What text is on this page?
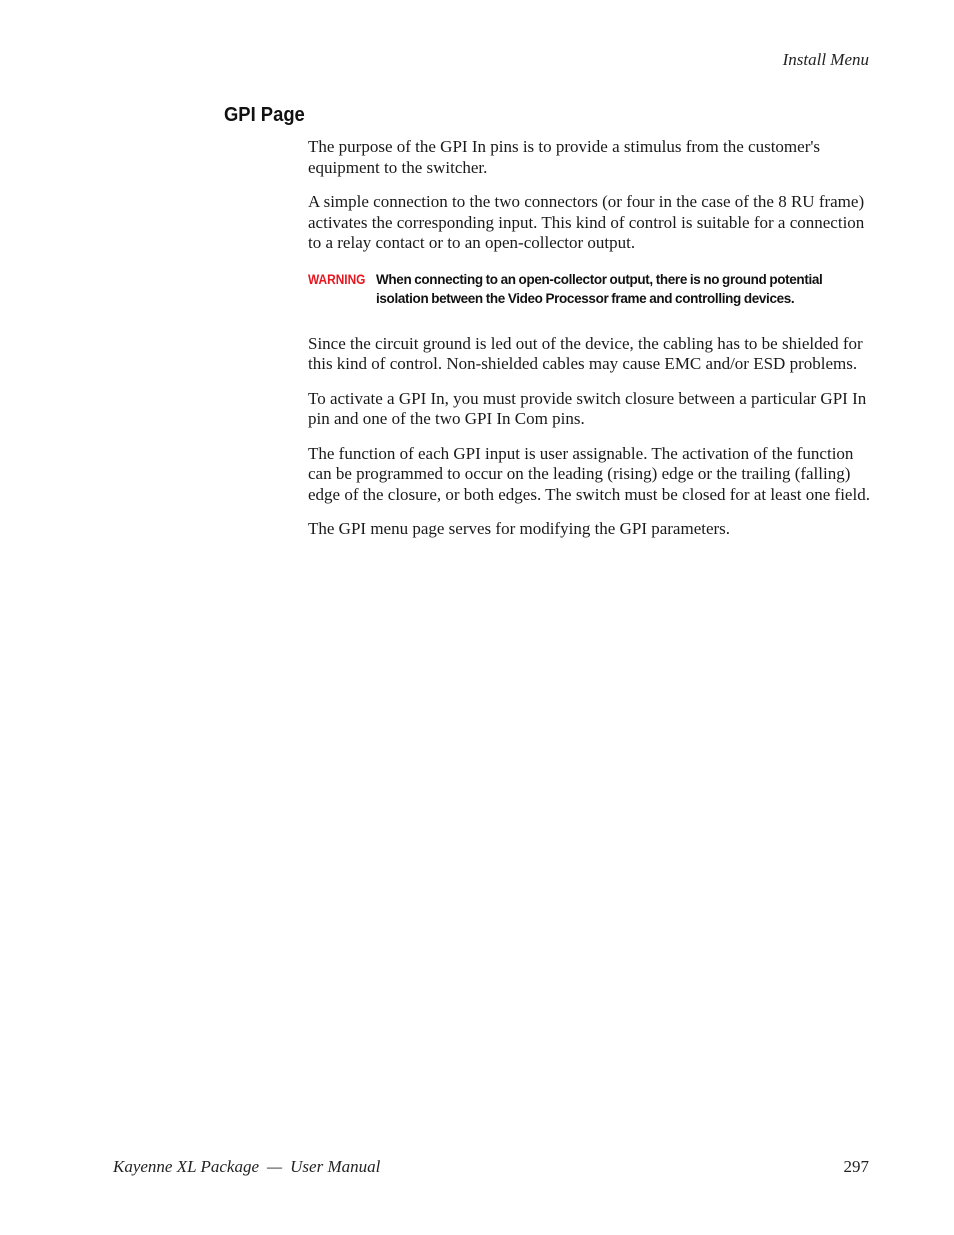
Install Menu
GPI Page

The purpose of the GPI In pins is to provide a stimulus from the customer's equipment to the switcher.

A simple connection to the two connectors (or four in the case of the 8 RU frame) activates the corresponding input. This kind of control is suitable for a connection to a relay contact or to an open-collector output.

WARNING When connecting to an open-collector output, there is no ground potential isolation between the Video Processor frame and controlling devices.

Since the circuit ground is led out of the device, the cabling has to be shielded for this kind of control. Non-shielded cables may cause EMC and/or ESD problems.

To activate a GPI In, you must provide switch closure between a particular GPI In pin and one of the two GPI In Com pins.

The function of each GPI input is user assignable. The activation of the function can be programmed to occur on the leading (rising) edge or the trailing (falling) edge of the closure, or both edges. The switch must be closed for at least one field.

The GPI menu page serves for modifying the GPI parameters.

Kayenne XL Package — User Manual	297
